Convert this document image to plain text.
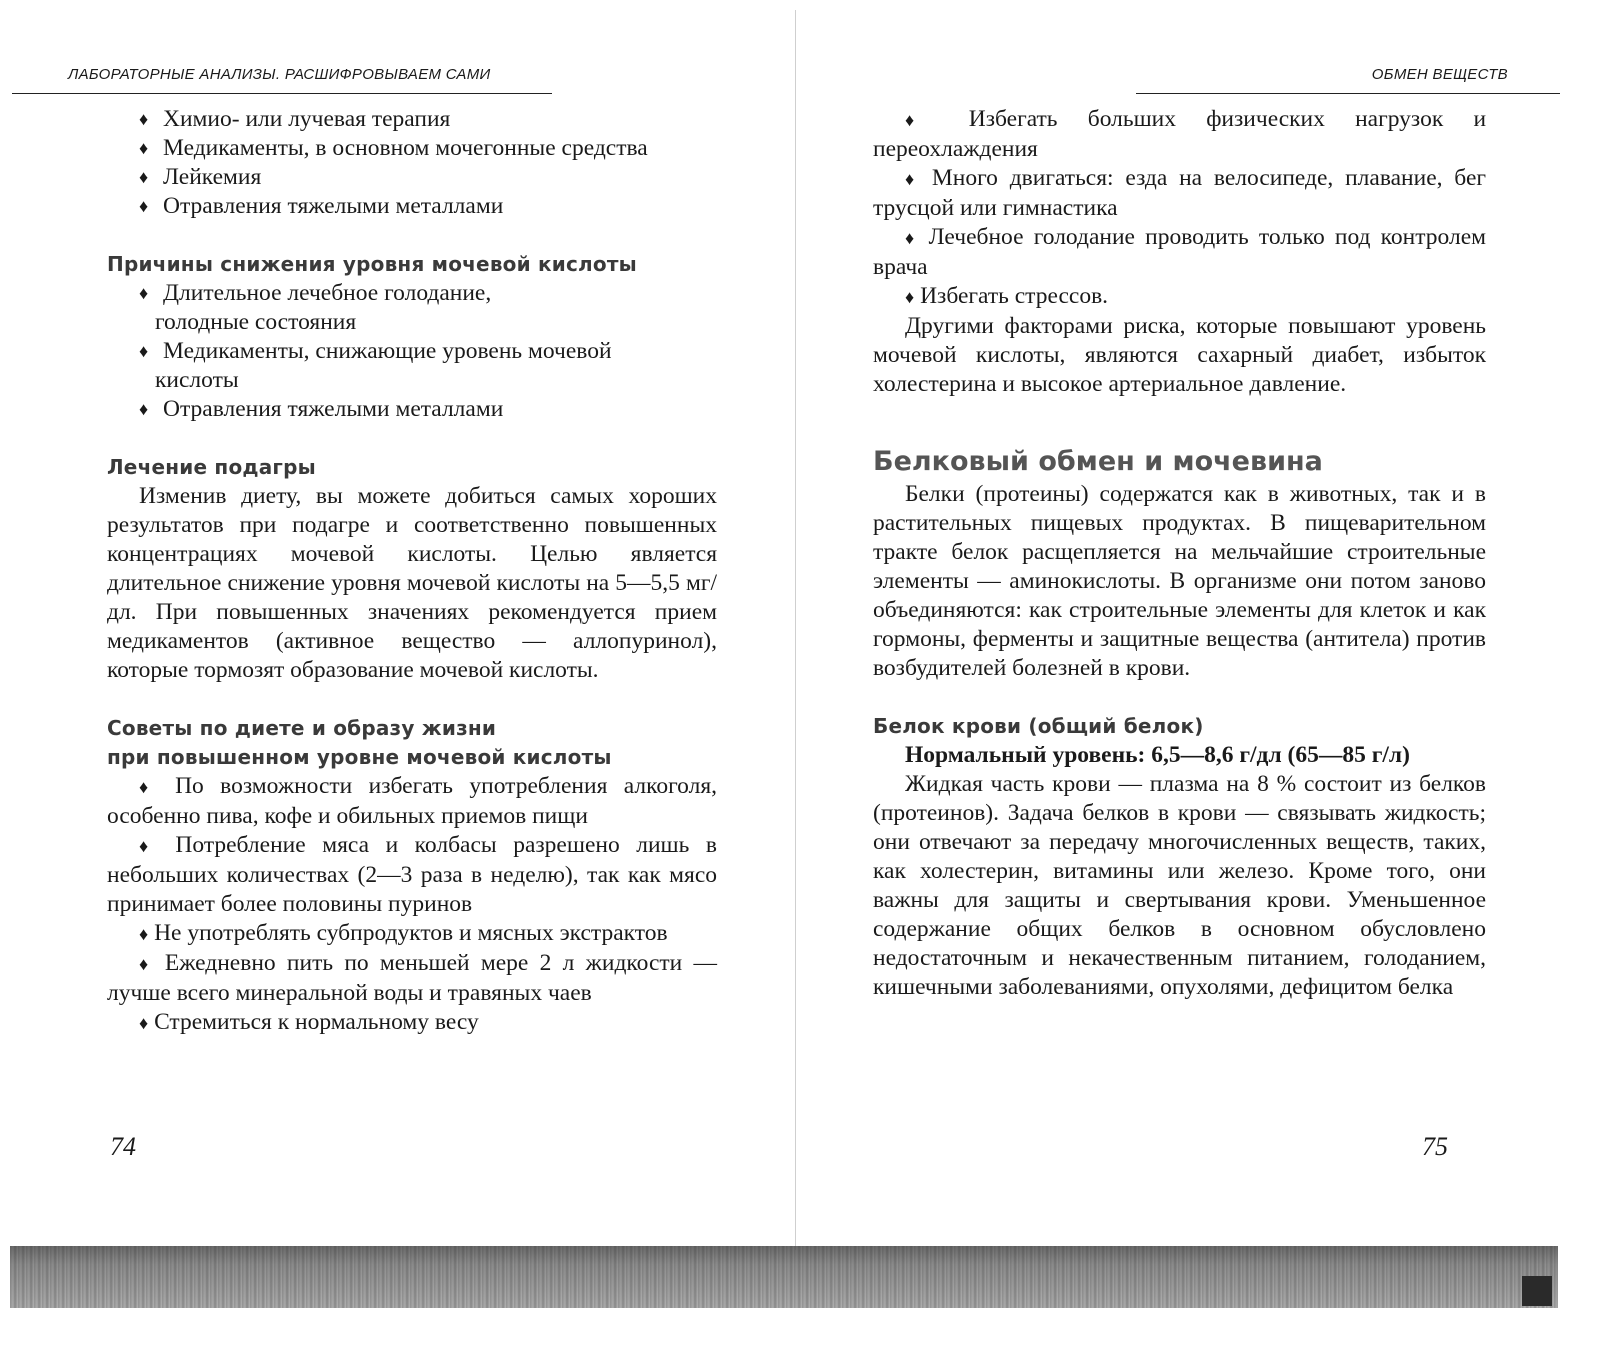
ЛАБОРАТОРНЫЕ АНАЛИЗЫ. РАСШИФРОВЫВАЕМ САМИ

♦ Химио- или лучевая терапия

♦ Медикаменты, в основном мочегонные средства

♦ Лейкемия

♦ Отравления тяжелыми металлами

Причины снижения уровня мочевой кислоты

♦ Длительное лечебное голодание,

голодные состояния

♦ Медикаменты, снижающие уровень мочевой

кислоты

♦ Отравления тяжелыми металлами

Лечение подагры

Изменив диету, вы можете добиться самых хороших результатов при подагре и соответственно повышенных концентрациях мочевой кислоты. Целью является длительное снижение уровня мочевой кислоты на 5—5,5 мг/дл. При повышенных значениях рекомендуется прием медикаментов (активное вещество — аллопуринол), которые тормозят образование мочевой кислоты.

Советы по диете и образу жизни

при повышенном уровне мочевой кислоты

♦ По возможности избегать употребления алкоголя, особенно пива, кофе и обильных приемов пищи

♦ Потребление мяса и колбасы разрешено лишь в небольших количествах (2—3 раза в неделю), так как мясо принимает более половины пуринов

♦ Не употреблять субпродуктов и мясных экстрактов

♦ Ежедневно пить по меньшей мере 2 л жидкости — лучше всего минеральной воды и травяных чаев

♦ Стремиться к нормальному весу

74
ОБМЕН ВЕЩЕСТВ

♦ Избегать больших физических нагрузок и переохлаждения

♦ Много двигаться: езда на велосипеде, плавание, бег трусцой или гимнастика

♦ Лечебное голодание проводить только под контролем врача

♦ Избегать стрессов.

Другими факторами риска, которые повышают уровень мочевой кислоты, являются сахарный диабет, избыток холестерина и высокое артериальное давление.

Белковый обмен и мочевина

Белки (протеины) содержатся как в животных, так и в растительных пищевых продуктах. В пищеварительном тракте белок расщепляется на мельчайшие строительные элементы — аминокислоты. В организме они потом заново объединяются: как строительные элементы для клеток и как гормоны, ферменты и защитные вещества (антитела) против возбудителей болезней в крови.

Белок крови (общий белок)

Нормальный уровень: 6,5—8,6 г/дл (65—85 г/л)

Жидкая часть крови — плазма на 8 % состоит из белков (протеинов). Задача белков в крови — связывать жидкость; они отвечают за передачу многочисленных веществ, таких, как холестерин, витамины или железо. Кроме того, они важны для защиты и свертывания крови. Уменьшенное содержание общих белков в основном обусловлено недостаточным и некачественным питанием, голоданием, кишечными заболеваниями, опухолями, дефицитом белка

75
